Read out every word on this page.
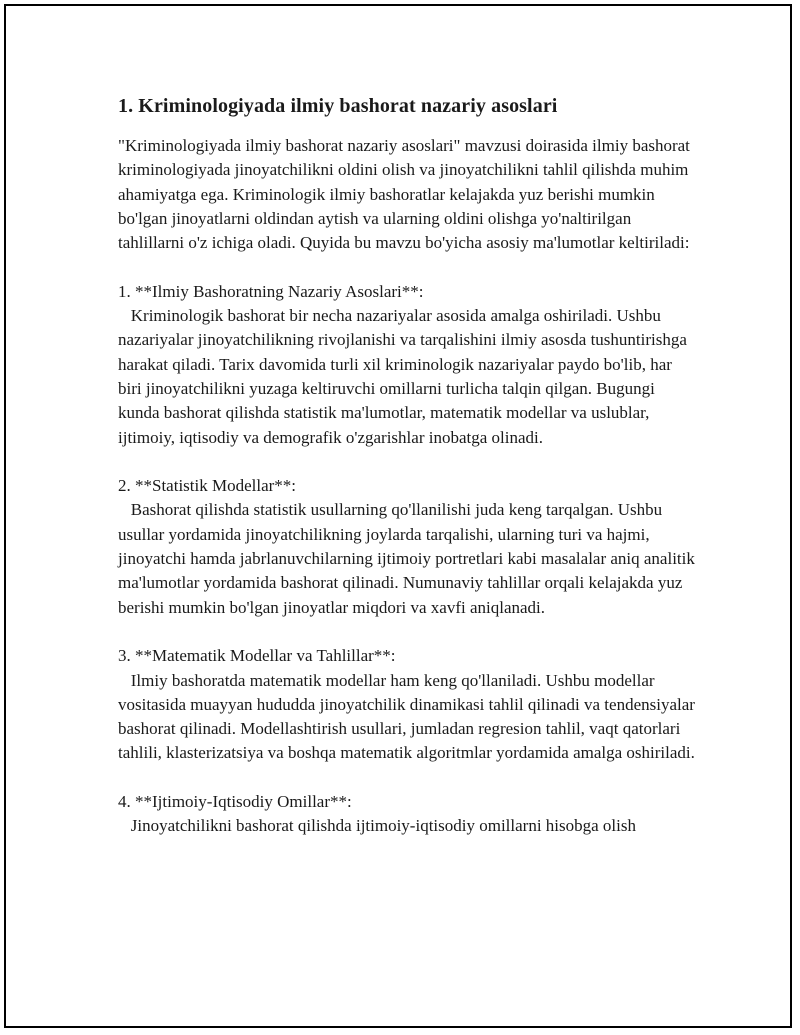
1. Kriminologiyada ilmiy bashorat nazariy asoslari

"Kriminologiyada ilmiy bashorat nazariy asoslari" mavzusi doirasida ilmiy bashorat kriminologiyada jinoyatchilikni oldini olish va jinoyatchilikni tahlil qilishda muhim ahamiyatga ega. Kriminologik ilmiy bashoratlar kelajakda yuz berishi mumkin bo'lgan jinoyatlarni oldindan aytish va ularning oldini olishga yo'naltirilgan tahlillarni o'z ichiga oladi. Quyida bu mavzu bo'yicha asosiy ma'lumotlar keltiriladi:

1. **Ilmiy Bashoratning Nazariy Asoslari**:

Kriminologik bashorat bir necha nazariyalar asosida amalga oshiriladi. Ushbu nazariyalar jinoyatchilikning rivojlanishi va tarqalishini ilmiy asosda tushuntirishga harakat qiladi. Tarix davomida turli xil kriminologik nazariyalar paydo bo'lib, har biri jinoyatchilikni yuzaga keltiruvchi omillarni turlicha talqin qilgan. Bugungi kunda bashorat qilishda statistik ma'lumotlar, matematik modellar va uslublar, ijtimoiy, iqtisodiy va demografik o'zgarishlar inobatga olinadi.

2. **Statistik Modellar**:

Bashorat qilishda statistik usullarning qo'llanilishi juda keng tarqalgan. Ushbu usullar yordamida jinoyatchilikning joylarda tarqalishi, ularning turi va hajmi, jinoyatchi hamda jabrlanuvchilarning ijtimoiy portretlari kabi masalalar aniq analitik ma'lumotlar yordamida bashorat qilinadi. Numunaviy tahlillar orqali kelajakda yuz berishi mumkin bo'lgan jinoyatlar miqdori va xavfi aniqlanadi.

3. **Matematik Modellar va Tahlillar**:

Ilmiy bashoratda matematik modellar ham keng qo'llaniladi. Ushbu modellar vositasida muayyan hududda jinoyatchilik dinamikasi tahlil qilinadi va tendensiyalar bashorat qilinadi. Modellashtirish usullari, jumladan regresion tahlil, vaqt qatorlari tahlili, klasterizatsiya va boshqa matematik algoritmlar yordamida amalga oshiriladi.

4. **Ijtimoiy-Iqtisodiy Omillar**:

Jinoyatchilikni bashorat qilishda ijtimoiy-iqtisodiy omillarni hisobga olish
